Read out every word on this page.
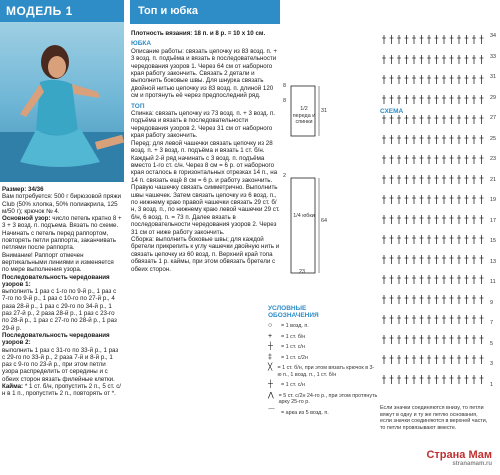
МОДЕЛЬ 1
Размер: 34/36
Вам потребуется: 500 г бирюзовой пряжи Club (50% хлопка, 50% полиакрила, 125 м/50 г); крючок № 4.
Основной узор: число петель кратно 8 + 3 + 3 возд. п. подъема. Вязать по схеме. Начинать с петель перед раппортом, повторять петли раппорта, заканчивать петлями после раппорта.
Внимание! Раппорт отмечен вертикальными линиями и изменяется по мере выполнения узора.
Последовательность чередования узоров 1:
выполнить 1 раз с 1-го по 9-й р., 1 раз с 7-го по 9-й р., 1 раз с 10-го по 27-й р., 4 раза 28-й р., 1 раз с 29-го по 34-й р., 1 раз 27-й р., 2 раза 28-й р., 1 раз с 23-го по 28-й р., 1 раз с 27-го по 28-й р., 1 раз 29-й р.
Последовательность чередования узоров 2:
выполнить 1 раз с 31-го по 33-й р., 1 раз с 29-го по 33-й р., 2 раза 7-й и 8-й р., 1 раз с 9-го по 23-й р., при этом петли узора распределить от середины и с обеих сторон вязать филейные клетки.
Кайма: * 1 ст. б/н, пропустить 2 п., 5 ст. с/н в 1 п., пропустить 2 п., повторять от *.
Топ и юбка
Плотность вязания: 18 п. и 8 р. = 10 х 10 см.
ЮБКА
Описание работы: связать цепочку из 83 возд. п. + 3 возд. п. подъёма и вязать в последовательности чередования узоров 1. Через 64 см от наборного края работу закончить. Связать 2 детали и выполнить боковые швы. Для шнурка связать двойной нитью цепочку из 83 возд. п. длиной 120 см и протянуть её через предпоследний ряд.
ТОП
Спинка: связать цепочку из 73 возд. п. + 3 возд. п. подъёма и вязать в последовательности чередования узоров 2. Через 31 см от наборного края работу закончить.
Перед: для левой чашечки связать цепочку из 28 возд. п. + 3 возд. п. подъёма и вязать 1 ст. б/н. Каждый 2-й ряд начинать с 3 возд. п. подъёма вместо 1-го ст. с/н. Через 8 см = 6 р. от наборного края осталось в горизонтальных отрезках 14 п., на 14 п. связать ещё 8 см = 6 р. и работу закончить. Правую чашечку связать симметрично. Выполнить швы чашечек. Затем связать цепочку из 6 возд. п., по нижнему краю правой чашечки связать 29 ст. б/н, 3 возд. п., по нижнему краю левой чашечки 29 ст. б/н, 6 возд. п. = 73 п. Далее вязать в последовательности чередования узоров 2. Через 31 см от ниже работу закончить.
Сборка: выполнить боковые швы; для каждой бретели прикрепить к углу чашечки двойную нить и связать цепочку из 60 возд. п. Верхний край топа обвязать 1 р. каймы, при этом обвязать бретели с обеих сторон.
1/2 переда и спинки
1/4 юбки
8
8
31
64
23
2
УСЛОВНЫЕ ОБОЗНАЧЕНИЯ
○	= 1 возд. п.
+	= 1 ст. б/н
┼	= 1 ст. с/н
‡	= 1 ст. с/2н
╳ = 1 ст. б/н, при этом вязать крючок в 3-ю п., 1 возд. п., 1 ст. б/н
┼	= 1 ст. с/н
⋀ = 5 ст. с/2н 24-го р., при этом протянуть арку 25-го р.
⌒	= арка из 5 возд. п.
СХЕМА
34
33
31
29
27
25
23
21
19
17
15
13
11
9
7
5
3
1
Если значки соединяются внизу, то петли вяжут в одну и ту же петлю основания, если значки соединяются в верхней части, то петли провязывают вместе.
Страна Мам
stranamam.ru
